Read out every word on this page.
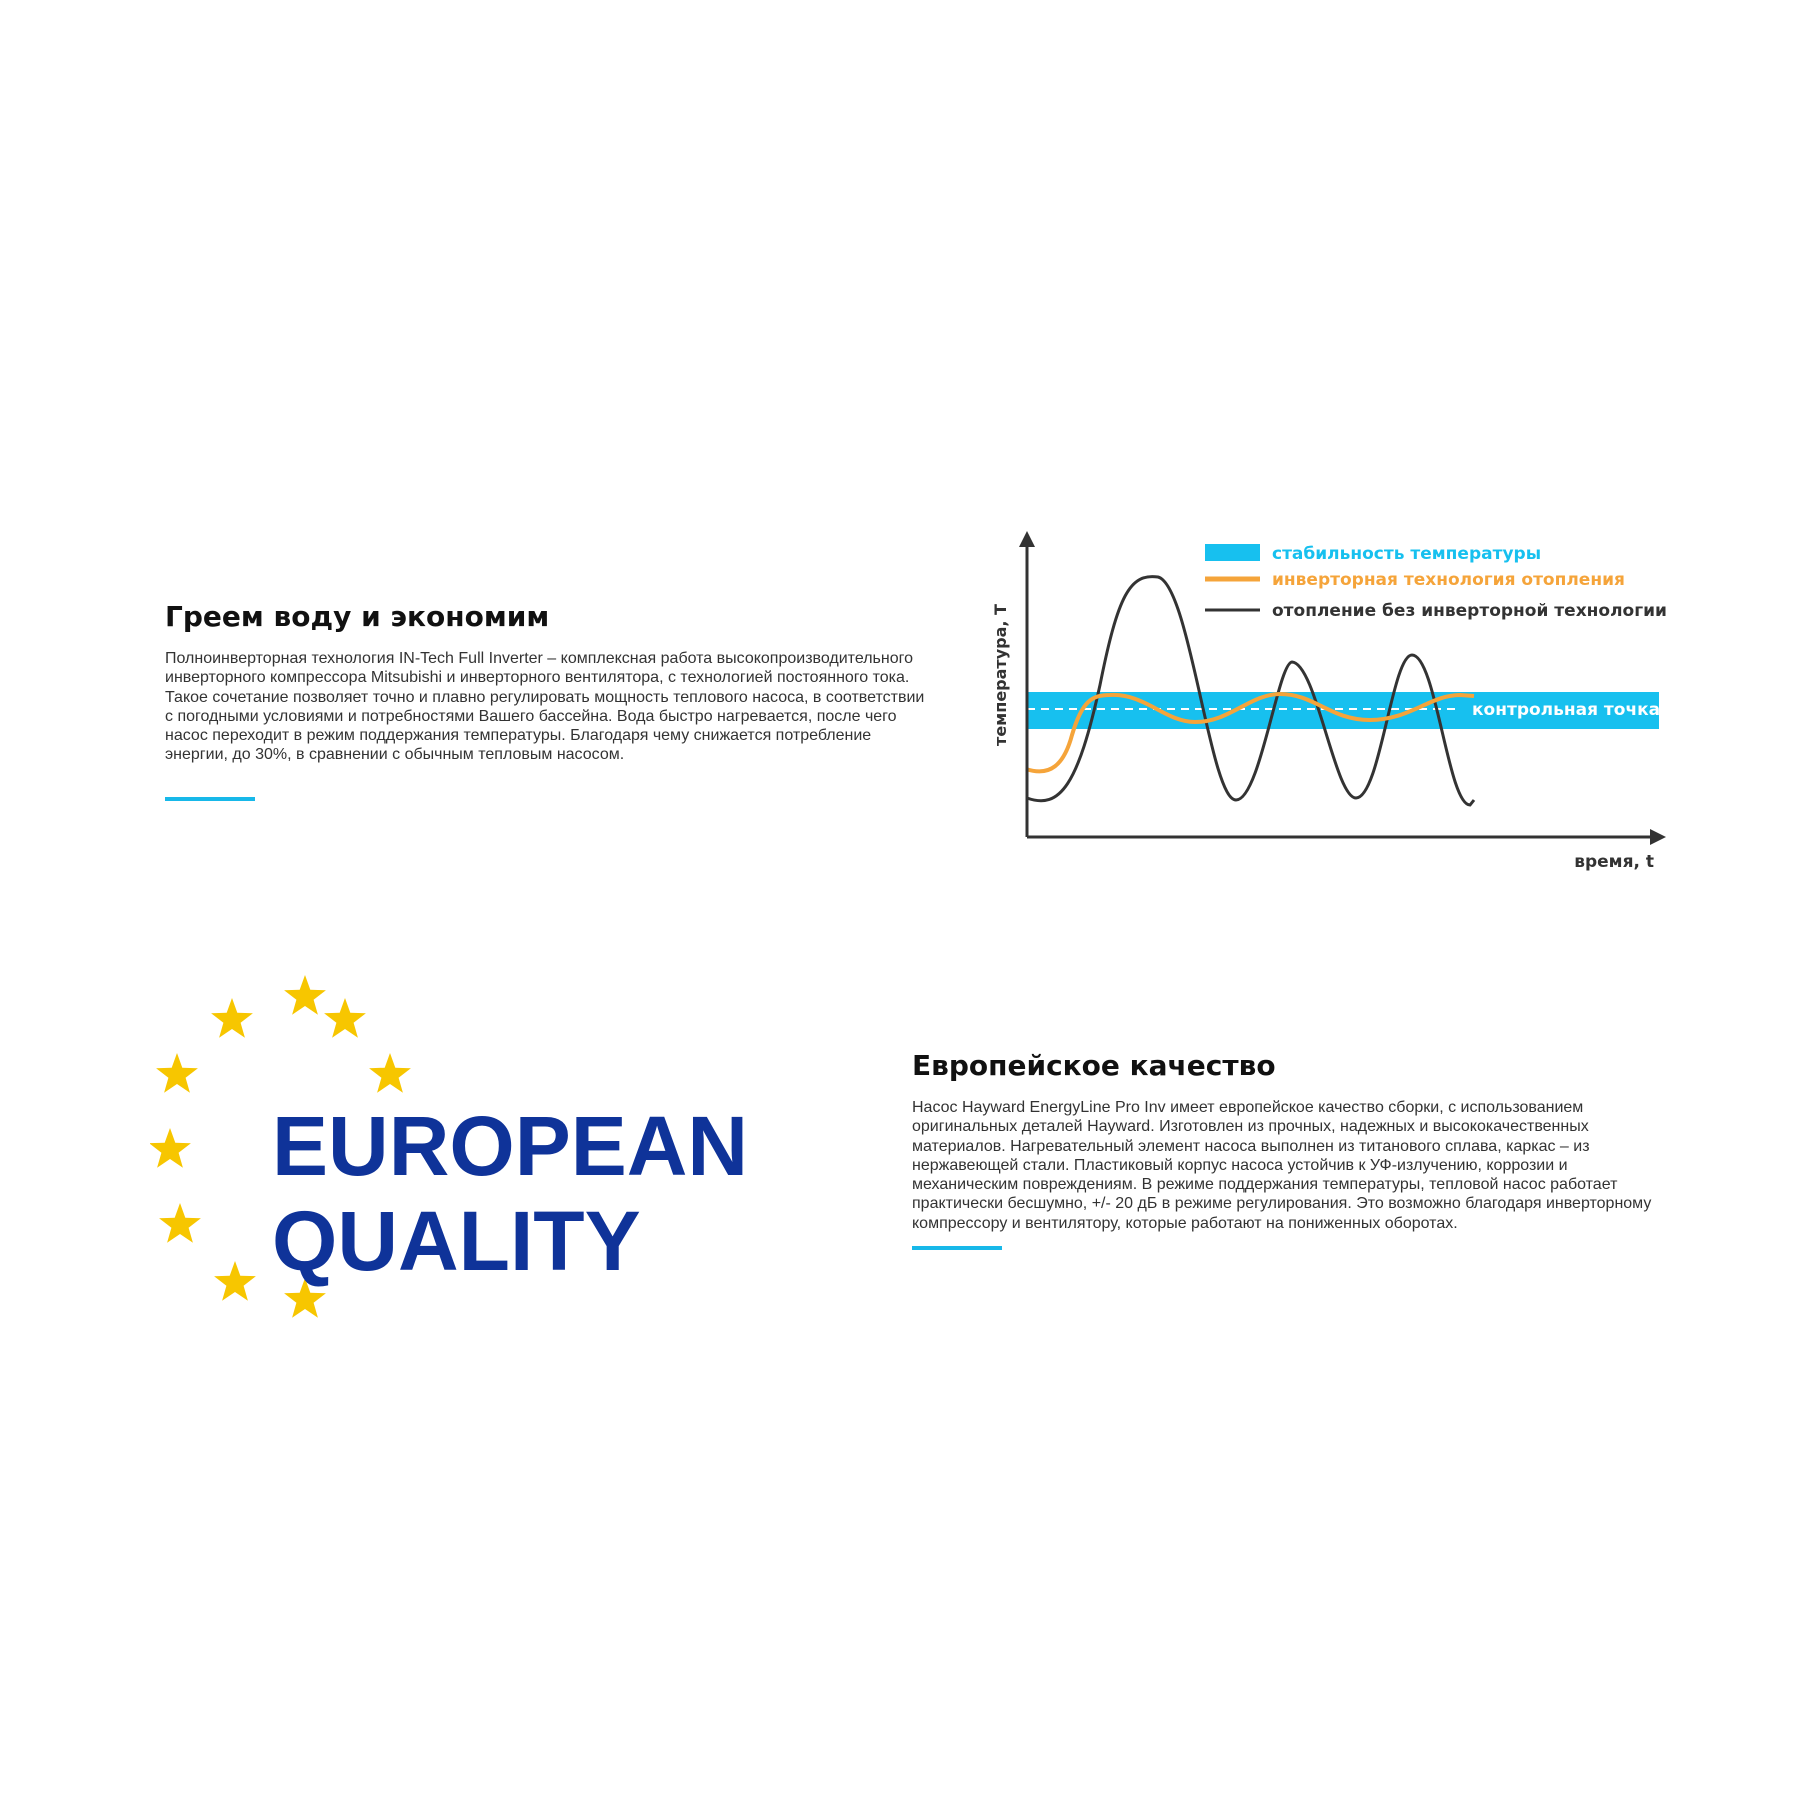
Греем воду и экономим

Полноинверторная технология IN-Tech Full Inverter – комплексная работа высокопроизводительного инверторного компрессора Mitsubishi и инверторного вентилятора, с технологией постоянного тока. Такое сочетание позволяет точно и плавно регулировать мощность теплового насоса, в соответствии с погодными условиями и потребностями Вашего бассейна. Вода быстро нагревается, после чего насос переходит в режим поддержания температуры. Благодаря чему снижается потребление энергии, до 30%, в сравнении с обычным тепловым насосом.

контрольная точка
температура, T
время, t
стабильность температуры
инверторная технология отопления
отопление без инверторной технологии
EUROPEAN
QUALITY
Европейское качество

Насос Hayward EnergyLine Pro Inv имеет европейское качество сборки, с использованием оригинальных деталей Hayward. Изготовлен из прочных, надежных и высококачественных материалов. Нагревательный элемент насоса выполнен из титанового сплава, каркас – из нержавеющей стали. Пластиковый корпус насоса устойчив к УФ-излучению, коррозии и механическим повреждениям. В режиме поддержания температуры, тепловой насос работает практически бесшумно, +/- 20 дБ в режиме регулирования. Это возможно благодаря инверторному компрессору и вентилятору, которые работают на пониженных оборотах.
